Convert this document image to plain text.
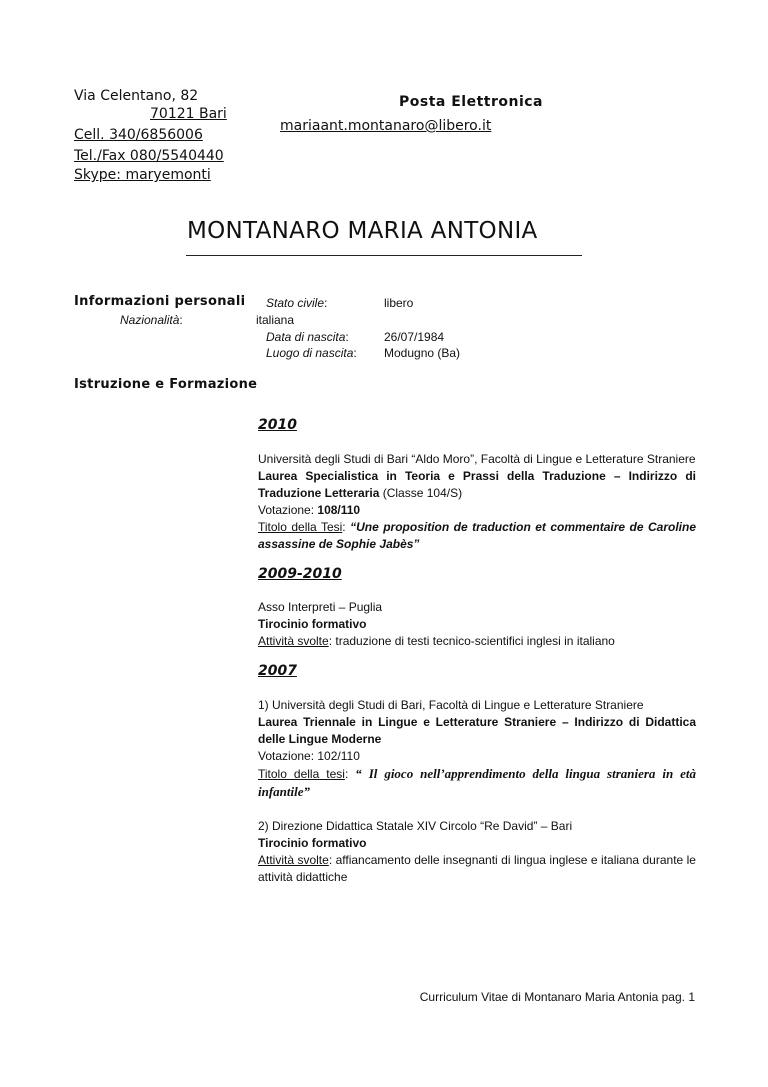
Via Celentano, 82
70121 Bari
Cell. 340/6856006
Tel./Fax 080/5540440
Skype: maryemonti
Posta Elettronica
mariaant.montanaro@libero.it
MONTANARO MARIA ANTONIA
Informazioni personali Stato civile:	libero
Nazionalità:	italiana
Data di nascita:	26/07/1984
Luogo di nascita: Modugno (Ba)
Istruzione e Formazione
2010

Università degli Studi di Bari “Aldo Moro”, Facoltà di Lingue e Letterature Straniere

Laurea Specialistica in Teoria e Prassi della Traduzione – Indirizzo di Traduzione Letteraria (Classe 104/S)

Votazione: 108/110

Titolo della Tesi: “Une proposition de traduction et commentaire de Caroline assassine de Sophie Jabès”

2009-2010

Asso Interpreti – Puglia

Tirocinio formativo

Attività svolte: traduzione di testi tecnico-scientifici inglesi in italiano

2007

1) Università degli Studi di Bari, Facoltà di Lingue e Letterature Straniere

Laurea Triennale in Lingue e Letterature Straniere – Indirizzo di Didattica delle Lingue Moderne

Votazione: 102/110

Titolo della tesi: “ Il gioco nell’apprendimento della lingua straniera in età infantile”

2) Direzione Didattica Statale XIV Circolo “Re David” – Bari

Tirocinio formativo

Attività svolte: affiancamento delle insegnanti di lingua inglese e italiana durante le attività didattiche

Curriculum Vitae di Montanaro Maria Antonia pag. 1
